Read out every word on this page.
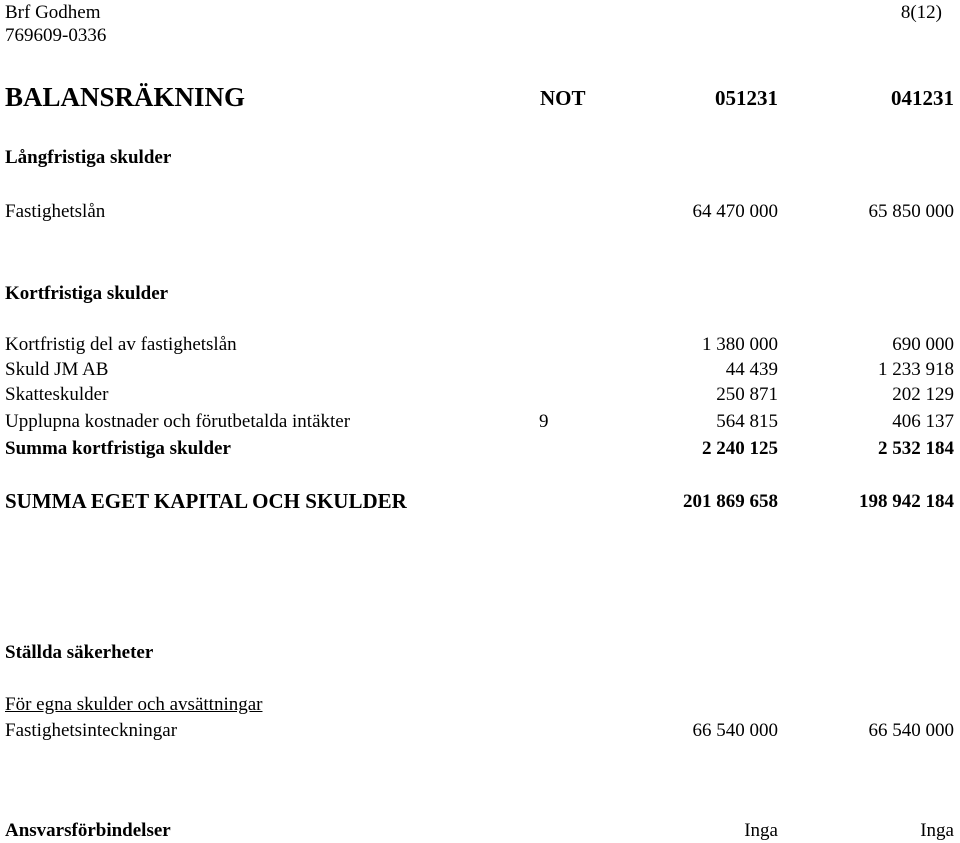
Brf Godhem
769609-0336
8(12)
BALANSRÄKNING	NOT	051231	041231
Långfristiga skulder
Fastighetslån	64 470 000	65 850 000
Kortfristiga skulder
Kortfristig del av fastighetslån	1 380 000	690 000
Skuld JM AB	44 439	1 233 918
Skatteskulder	250 871	202 129
Upplupna kostnader och förutbetalda intäkter	9	564 815	406 137
Summa kortfristiga skulder	2 240 125	2 532 184
SUMMA EGET KAPITAL OCH SKULDER	201 869 658	198 942 184
Ställda säkerheter
För egna skulder och avsättningar
Fastighetsinteckningar	66 540 000	66 540 000
Ansvarsförbindelser	Inga	Inga
